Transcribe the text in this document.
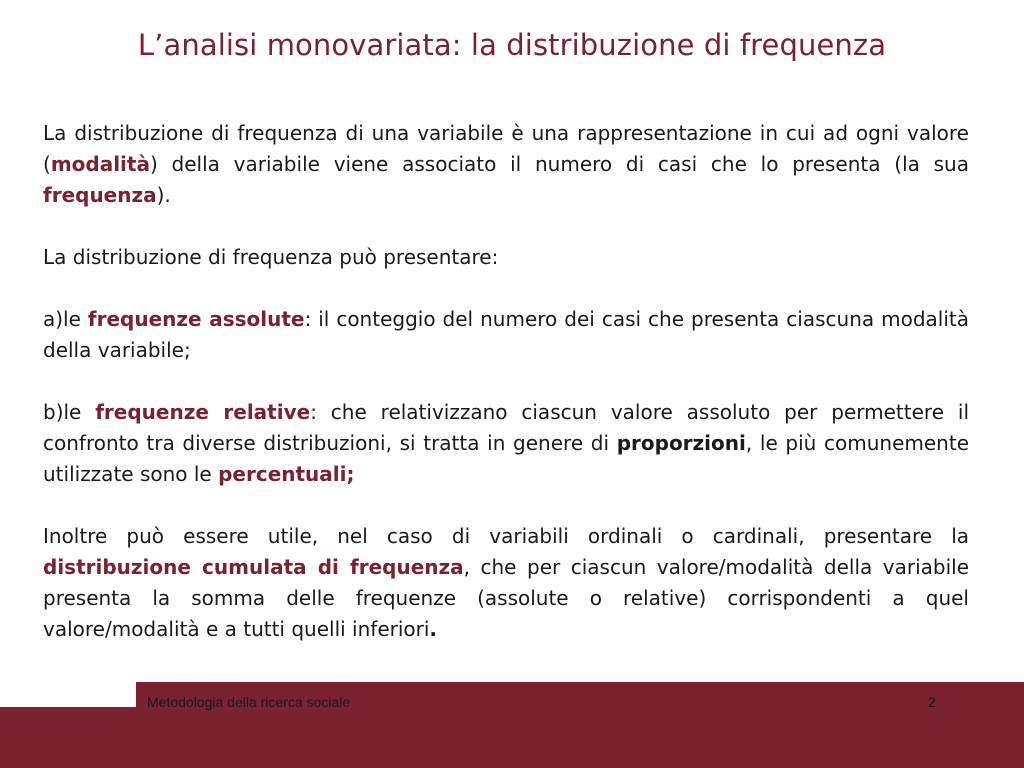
L’analisi monovariata: la distribuzione di frequenza

La distribuzione di frequenza di una variabile è una rappresentazione in cui ad ogni valore (modalità) della variabile viene associato il numero di casi che lo presenta (la sua frequenza).

La distribuzione di frequenza può presentare:

a)le frequenze assolute: il conteggio del numero dei casi che presenta ciascuna modalità della variabile;

b)le frequenze relative: che relativizzano ciascun valore assoluto per permettere il confronto tra diverse distribuzioni, si tratta in genere di proporzioni, le più comunemente utilizzate sono le percentuali;

Inoltre può essere utile, nel caso di variabili ordinali o cardinali, presentare la distribuzione cumulata di frequenza, che per ciascun valore/modalità della variabile presenta la somma delle frequenze (assolute o relative) corrispondenti a quel valore/modalità e a tutti quelli inferiori.

Metodologia della ricerca sociale	2
